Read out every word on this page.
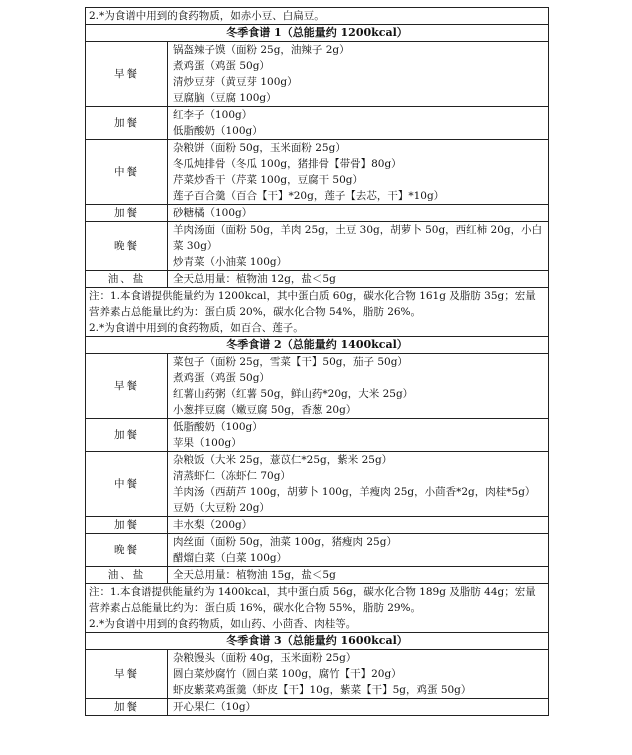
2.*为食谱中用到的食药物质，如赤小豆、白扁豆。	
冬季食谱 1（总能量约 1200kcal）	
早餐	锅盔辣子馍（面粉 25g，油辣子 2g）
煮鸡蛋（鸡蛋 50g）
清炒豆芽（黄豆芽 100g）
豆腐脑（豆腐 100g）

加餐	红李子（100g）
低脂酸奶（100g）

中餐	杂粮饼（面粉 50g，玉米面粉 25g）
冬瓜炖排骨（冬瓜 100g，猪排骨【带骨】80g）
芹菜炒香干（芹菜 100g，豆腐干 50g）
莲子百合羹（百合【干】*20g，莲子【去芯，干】*10g）

加餐	砂糖橘（100g）

晚餐	羊肉汤面（面粉 50g，羊肉 25g，土豆 30g，胡萝卜 50g，西红柿 20g，小白菜 30g）
炒青菜（小油菜 100g）

油、盐	全天总用量：植物油 12g，盐＜5g

注：1.本食谱提供能量约为 1200kcal，其中蛋白质 60g，碳水化合物 161g 及脂肪 35g；宏量营养素占总能量比约为：蛋白质 20%，碳水化合物 54%，脂肪 26%。
2.*为食谱中用到的食药物质，如百合、莲子。	

冬季食谱 2（总能量约 1400kcal）	
早餐	菜包子（面粉 25g，雪菜【干】50g，茄子 50g）
煮鸡蛋（鸡蛋 50g）
红薯山药粥（红薯 50g，鲜山药*20g，大米 25g）
小葱拌豆腐（嫩豆腐 50g，香葱 20g）

加餐	低脂酸奶（100g）
苹果（100g）

中餐	杂粮饭（大米 25g，薏苡仁*25g，紫米 25g）
清蒸虾仁（冻虾仁 70g）
羊肉汤（西葫芦 100g，胡萝卜 100g，羊瘦肉 25g，小茴香*2g，肉桂*5g）
豆奶（大豆粉 20g）

加餐	丰水梨（200g）

晚餐	肉丝面（面粉 50g，油菜 100g，猪瘦肉 25g）
醋熘白菜（白菜 100g）

油、盐	全天总用量：植物油 15g，盐＜5g

注：1.本食谱提供能量约为 1400kcal，其中蛋白质 56g，碳水化合物 189g 及脂肪 44g；宏量营养素占总能量比约为：蛋白质 16%，碳水化合物 55%，脂肪 29%。
2.*为食谱中用到的食药物质，如山药、小茴香、肉桂等。	

冬季食谱 3（总能量约 1600kcal）	
早餐	杂粮馒头（面粉 40g，玉米面粉 25g）
圆白菜炒腐竹（圆白菜 100g，腐竹【干】20g）
虾皮紫菜鸡蛋羹（虾皮【干】10g，紫菜【干】5g，鸡蛋 50g）

加餐	开心果仁（10g）
